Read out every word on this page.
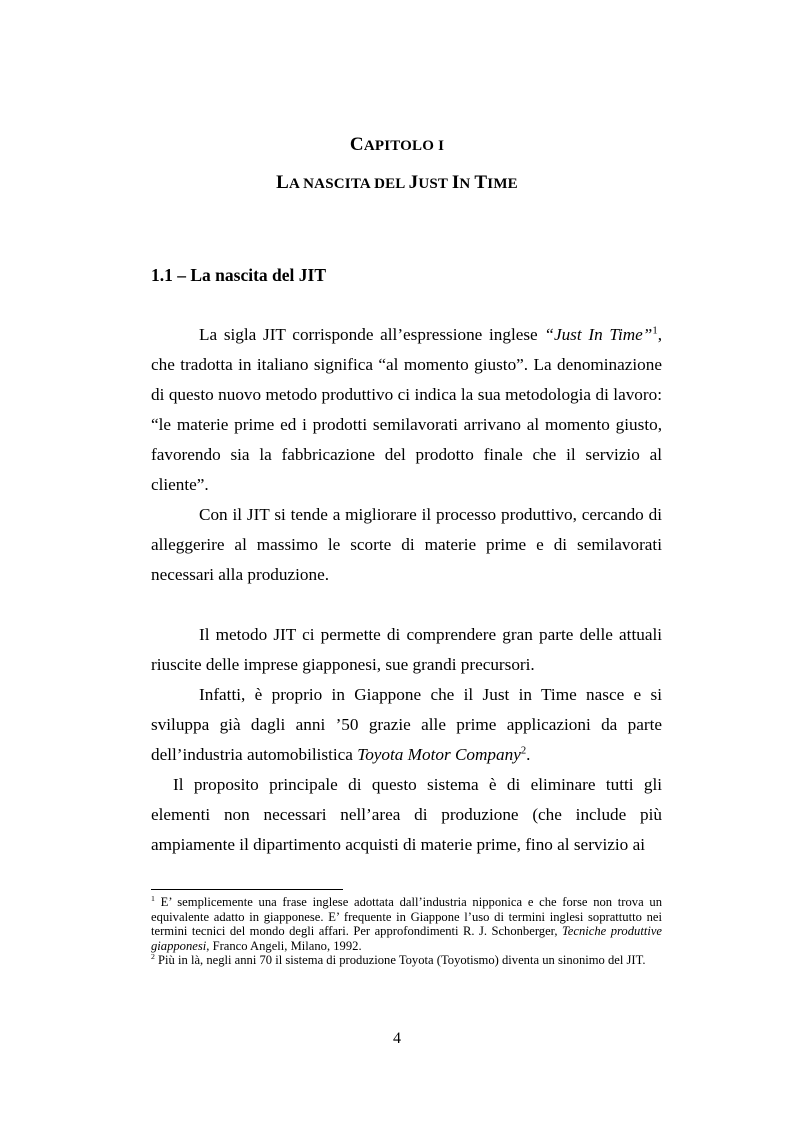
CAPITOLO I
LA NASCITA DEL JUST IN TIME
1.1 – La nascita del JIT
La sigla JIT corrisponde all’espressione inglese “Just In Time”$^1$, che tradotta in italiano significa “al momento giusto”. La denominazione di questo nuovo metodo produttivo ci indica la sua metodologia di lavoro: “le materie prime ed i prodotti semilavorati arrivano al momento giusto, favorendo sia la fabbricazione del prodotto finale che il servizio al cliente”.
Con il JIT si tende a migliorare il processo produttivo, cercando di alleggerire al massimo le scorte di materie prime e di semilavorati necessari alla produzione.
Il metodo JIT ci permette di comprendere gran parte delle attuali riuscite delle imprese giapponesi, sue grandi precursori.
Infatti, è proprio in Giappone che il Just in Time nasce e si sviluppa già dagli anni ’50 grazie alle prime applicazioni da parte dell’industria automobilistica Toyota Motor Company$^2$.
Il proposito principale di questo sistema è di eliminare tutti gli elementi non necessari nell’area di produzione (che include più ampiamente il dipartimento acquisti di materie prime, fino al servizio ai

$^1$ E’ semplicemente una frase inglese adottata dall’industria nipponica e che forse non trova un equivalente adatto in giapponese. E’ frequente in Giappone l’uso di termini inglesi soprattutto nei termini tecnici del mondo degli affari. Per approfondimenti R. J. Schonberger, Tecniche produttive giapponesi, Franco Angeli, Milano, 1992.

$^2$ Più in là, negli anni 70 il sistema di produzione Toyota (Toyotismo) diventa un sinonimo del JIT.

4
